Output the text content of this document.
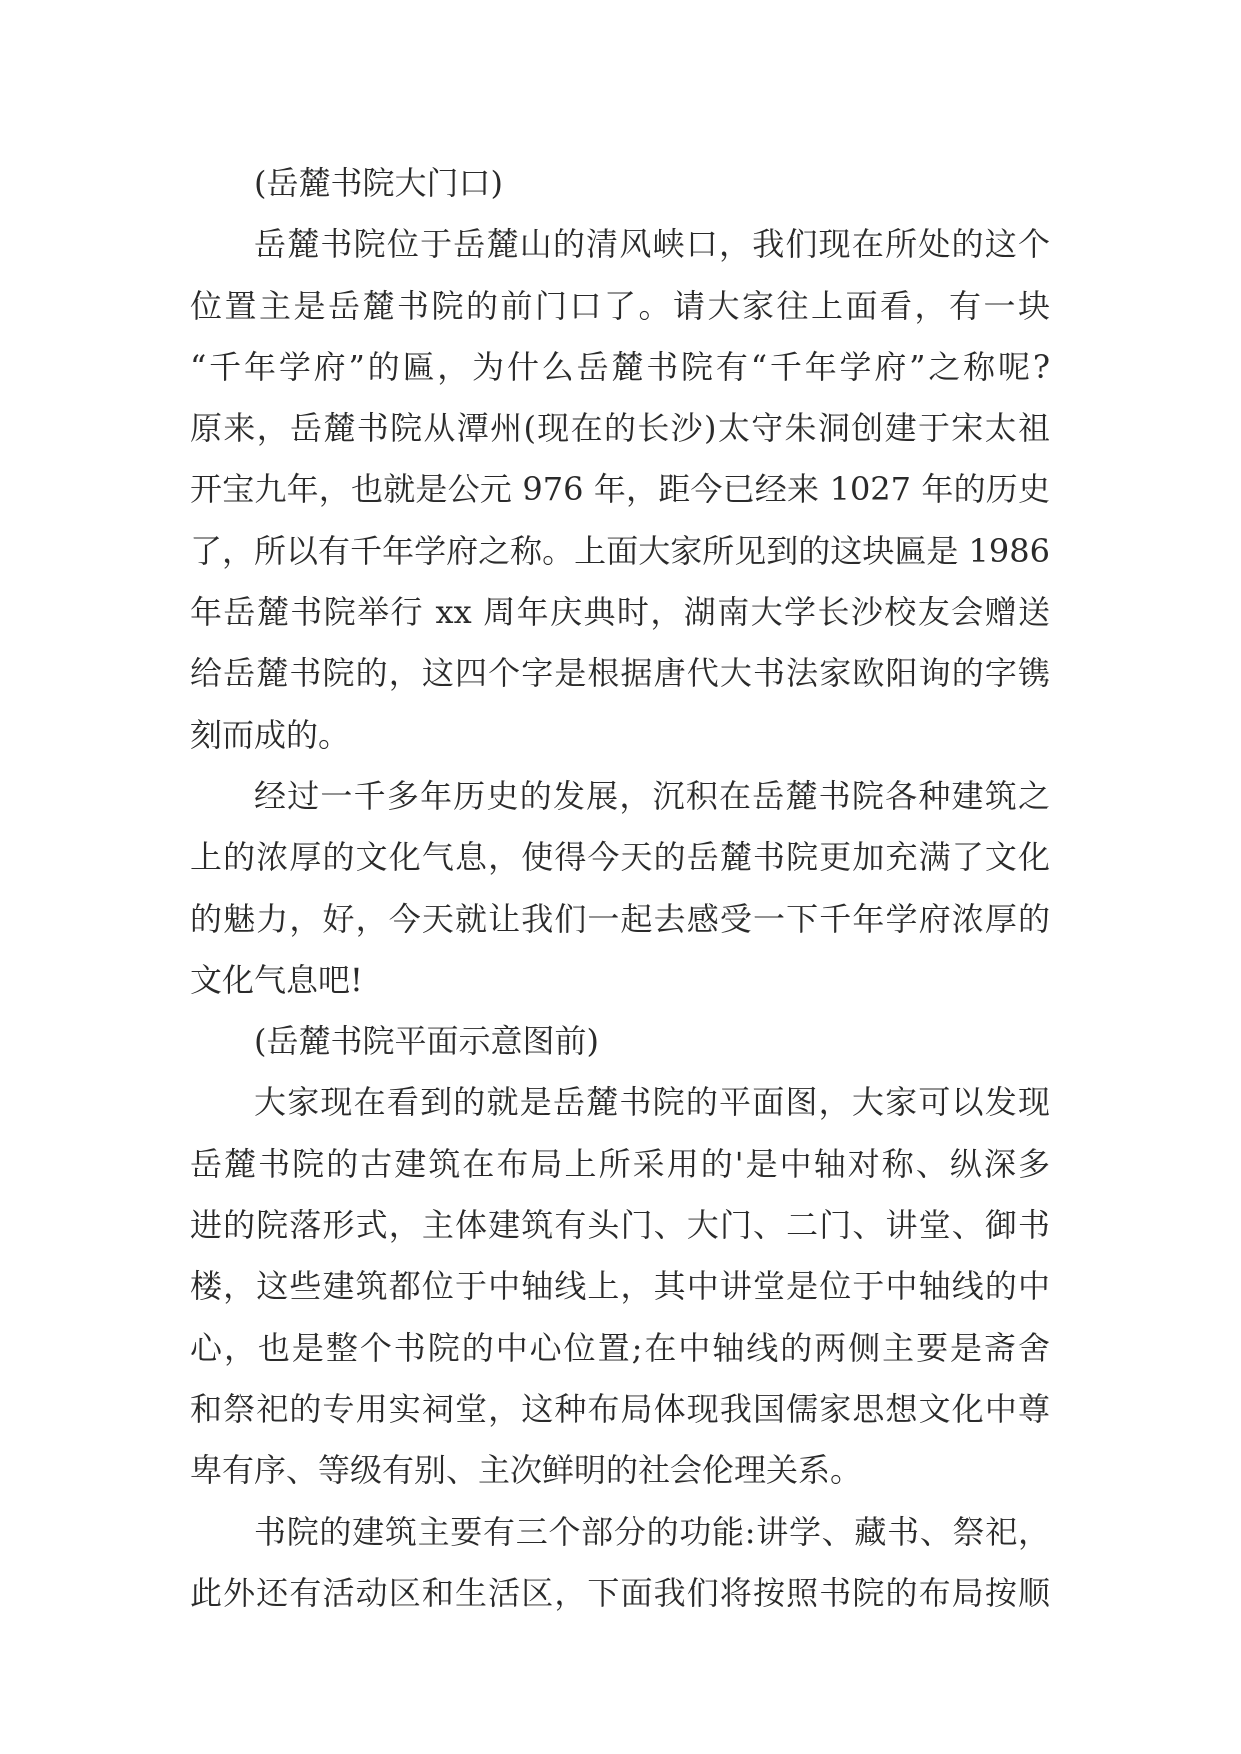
(岳麓书院大门口)
岳麓书院位于岳麓山的清风峡口，我们现在所处的这个
位置主是岳麓书院的前门口了。请大家往上面看，有一块
“千年学府”的匾，为什么岳麓书院有“千年学府”之称呢?
原来，岳麓书院从潭州(现在的长沙)太守朱洞创建于宋太祖
开宝九年，也就是公元 976 年，距今已经来 1027 年的历史
了，所以有千年学府之称。上面大家所见到的这块匾是 1986
年岳麓书院举行 xx 周年庆典时，湖南大学长沙校友会赠送
给岳麓书院的，这四个字是根据唐代大书法家欧阳询的字镌
刻而成的。
经过一千多年历史的发展，沉积在岳麓书院各种建筑之
上的浓厚的文化气息，使得今天的岳麓书院更加充满了文化
的魅力，好，今天就让我们一起去感受一下千年学府浓厚的
文化气息吧!
(岳麓书院平面示意图前)
大家现在看到的就是岳麓书院的平面图，大家可以发现
岳麓书院的古建筑在布局上所采用的'是中轴对称、纵深多
进的院落形式，主体建筑有头门、大门、二门、讲堂、御书
楼，这些建筑都位于中轴线上，其中讲堂是位于中轴线的中
心，也是整个书院的中心位置;在中轴线的两侧主要是斋舍
和祭祀的专用实祠堂，这种布局体现我国儒家思想文化中尊
卑有序、等级有别、主次鲜明的社会伦理关系。
书院的建筑主要有三个部分的功能:讲学、藏书、祭祀，
此外还有活动区和生活区，下面我们将按照书院的布局按顺
